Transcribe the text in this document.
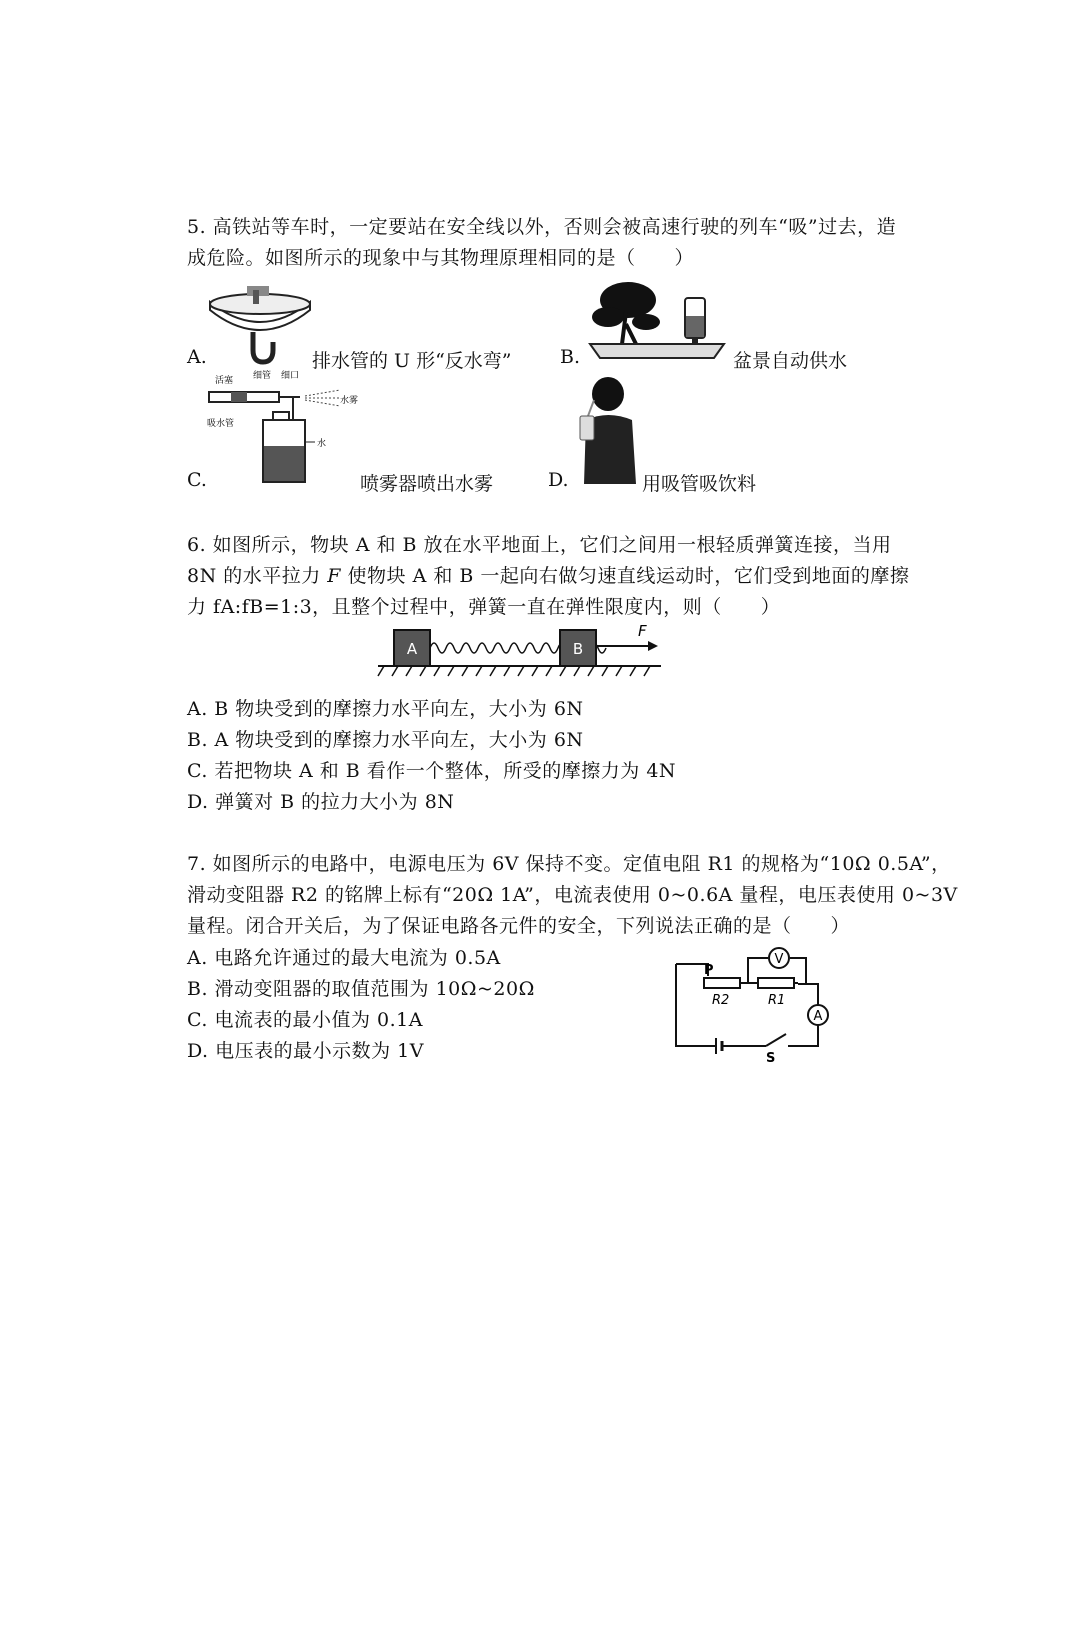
5. 高铁站等车时，一定要站在安全线以外，否则会被高速行驶的列车“吸”过去，造
成危险。如图所示的现象中与其物理原理相同的是（　　）
A.	排水管的 U 形“反水弯”	B.	盆景自动供水
C.
活塞 细管 细口
水雾
吸水管
水
喷雾器喷出水雾	D.	用吸管吸饮料
6. 如图所示，物块 A 和 B 放在水平地面上，它们之间用一根轻质弹簧连接，当用
8N 的水平拉力 F 使物块 A 和 B 一起向右做匀速直线运动时，它们受到地面的摩擦
力 fA:fB=1:3，且整个过程中，弹簧一直在弹性限度内，则（　　）
A	B
F
A. B 物块受到的摩擦力水平向左，大小为 6N
B. A 物块受到的摩擦力水平向左，大小为 6N
C. 若把物块 A 和 B 看作一个整体，所受的摩擦力为 4N
D. 弹簧对 B 的拉力大小为 8N
7. 如图所示的电路中，电源电压为 6V 保持不变。定值电阻 R1 的规格为“10Ω 0.5A”，
滑动变阻器 R2 的铭牌上标有“20Ω 1A”，电流表使用 0~0.6A 量程，电压表使用 0~3V
量程。闭合开关后，为了保证电路各元件的安全，下列说法正确的是（　　）
A. 电路允许通过的最大电流为 0.5A
B. 滑动变阻器的取值范围为 10Ω~20Ω
C. 电流表的最小值为 0.1A
D. 电压表的最小示数为 1V
V
A
P
R2	R1
S
